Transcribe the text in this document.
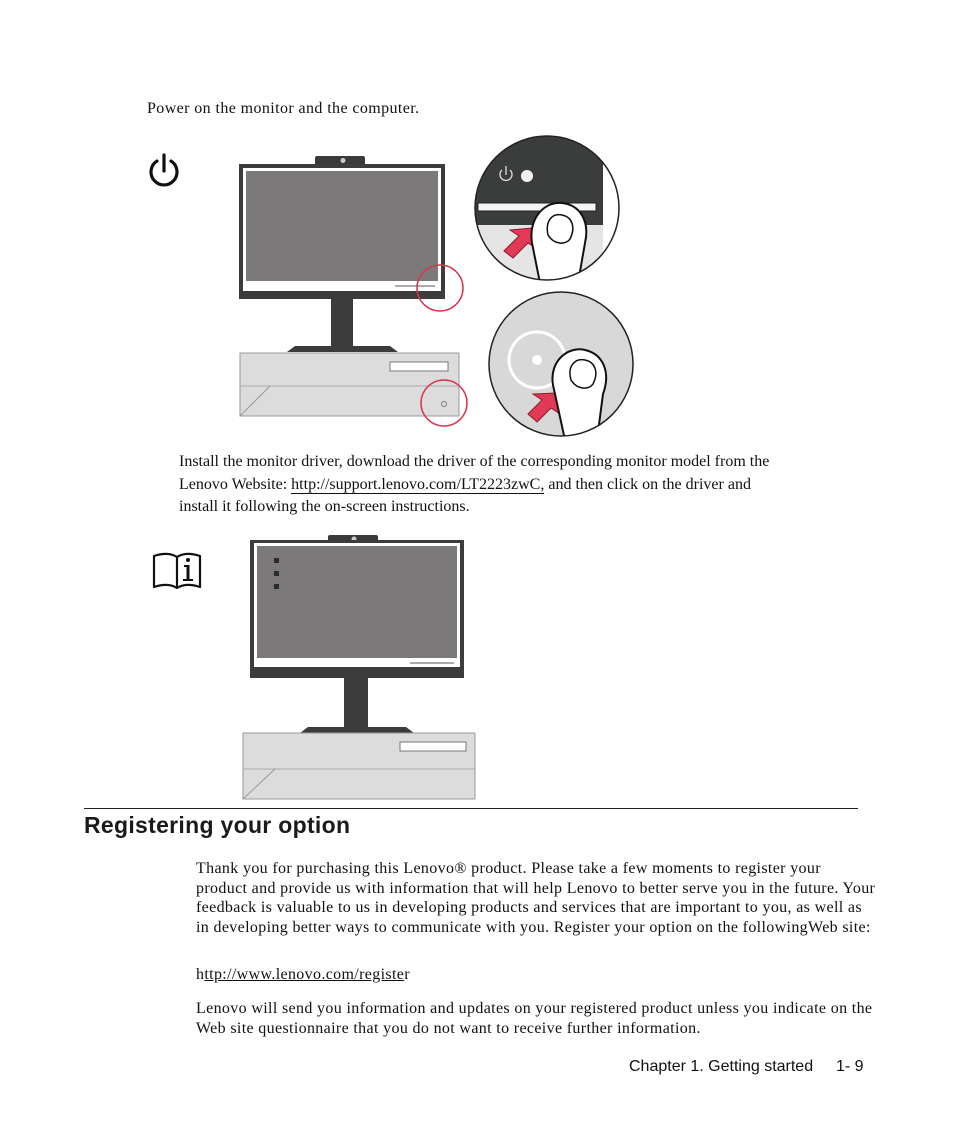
Power on the monitor and the computer.
Install the monitor driver, download the driver of the corresponding monitor model from the Lenovo Website: http://support.lenovo.com/LT2223zwC, and then click on the driver and install it following the on-screen instructions.
Registering your option
Thank you for purchasing this Lenovo® product. Please take a few moments to register your product and provide us with information that will help Lenovo to better serve you in the future. Your feedback is valuable to us in developing products and services that are important to you, as well as in developing better ways to communicate with you. Register your option on the followingWeb site:
http://www.lenovo.com/register
Lenovo will send you information and updates on your registered product unless you indicate on the Web site questionnaire that you do not want to receive further information.
Chapter 1. Getting started 1- 9
